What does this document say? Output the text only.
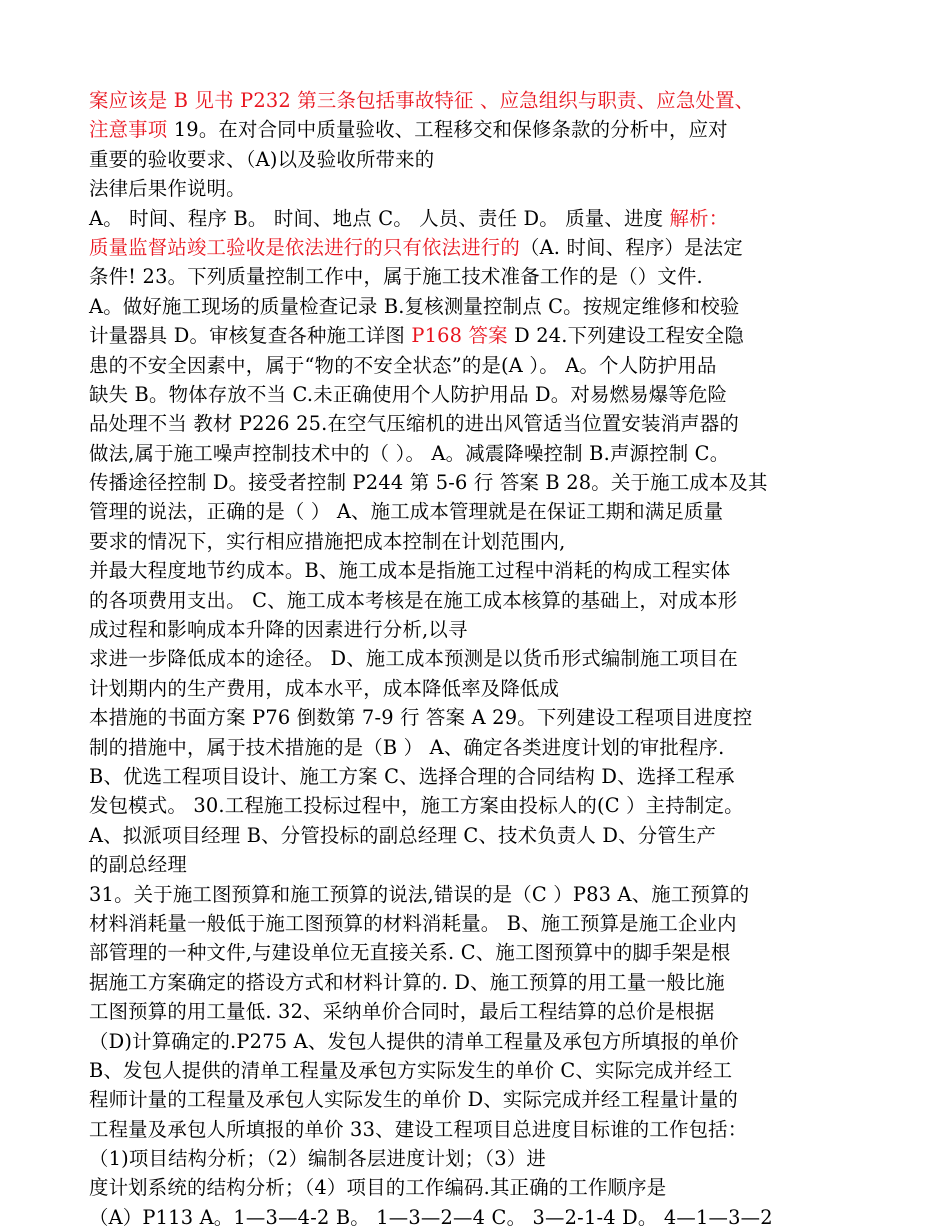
案应该是 B 见书 P232 第三条包括事故特征 、应急组织与职责、应急处置、
注意事项 19。在对合同中质量验收、工程移交和保修条款的分析中，应对
重要的验收要求、（A)以及验收所带来的
法律后果作说明。
A。 时间、程序 B。 时间、地点 C。 人员、责任 D。 质量、进度 解析：
质量监督站竣工验收是依法进行的只有依法进行的（A. 时间、程序）是法定
条件! 23。下列质量控制工作中，属于施工技术准备工作的是（）文件.
A。做好施工现场的质量检查记录 B.复核测量控制点 C。按规定维修和校验
计量器具 D。审核复查各种施工详图 P168 答案 D 24.下列建设工程安全隐
患的不安全因素中，属于“物的不安全状态”的是(A ）。 A。个人防护用品
缺失 B。物体存放不当 C.未正确使用个人防护用品 D。对易燃易爆等危险
品处理不当 教材 P226 25.在空气压缩机的进出风管适当位置安装消声器的
做法,属于施工噪声控制技术中的（ ）。 A。减震降噪控制 B.声源控制 C。
传播途径控制 D。接受者控制 P244 第 5-6 行 答案 B 28。关于施工成本及其
管理的说法，正确的是（ ） A、施工成本管理就是在保证工期和满足质量
要求的情况下，实行相应措施把成本控制在计划范围内,
并最大程度地节约成本。B、施工成本是指施工过程中消耗的构成工程实体
的各项费用支出。 C、施工成本考核是在施工成本核算的基础上，对成本形
成过程和影响成本升降的因素进行分析,以寻
求进一步降低成本的途径。 D、施工成本预测是以货币形式编制施工项目在
计划期内的生产费用，成本水平，成本降低率及降低成
本措施的书面方案 P76 倒数第 7-9 行 答案 A 29。下列建设工程项目进度控
制的措施中，属于技术措施的是（B ） A、确定各类进度计划的审批程序.
B、优选工程项目设计、施工方案 C、选择合理的合同结构 D、选择工程承
发包模式。 30.工程施工投标过程中，施工方案由投标人的(C ）主持制定。
A、拟派项目经理 B、分管投标的副总经理 C、技术负责人 D、分管生产
的副总经理
31。关于施工图预算和施工预算的说法,错误的是（C ）P83 A、施工预算的
材料消耗量一般低于施工图预算的材料消耗量。 B、施工预算是施工企业内
部管理的一种文件,与建设单位无直接关系. C、施工图预算中的脚手架是根
据施工方案确定的搭设方式和材料计算的. D、施工预算的用工量一般比施
工图预算的用工量低. 32、采纳单价合同时，最后工程结算的总价是根据
（D)计算确定的.P275 A、发包人提供的清单工程量及承包方所填报的单价
B、发包人提供的清单工程量及承包方实际发生的单价 C、实际完成并经工
程师计量的工程量及承包人实际发生的单价 D、实际完成并经工程量计量的
工程量及承包人所填报的单价 33、建设工程项目总进度目标谁的工作包括：
（1)项目结构分析；（2）编制各层进度计划；（3）进
度计划系统的结构分析；（4）项目的工作编码.其正确的工作顺序是
（A）P113 A。1—3—4-2 B。 1—3—2—4 C。 3—2-1-4 D。 4—1—3—2
